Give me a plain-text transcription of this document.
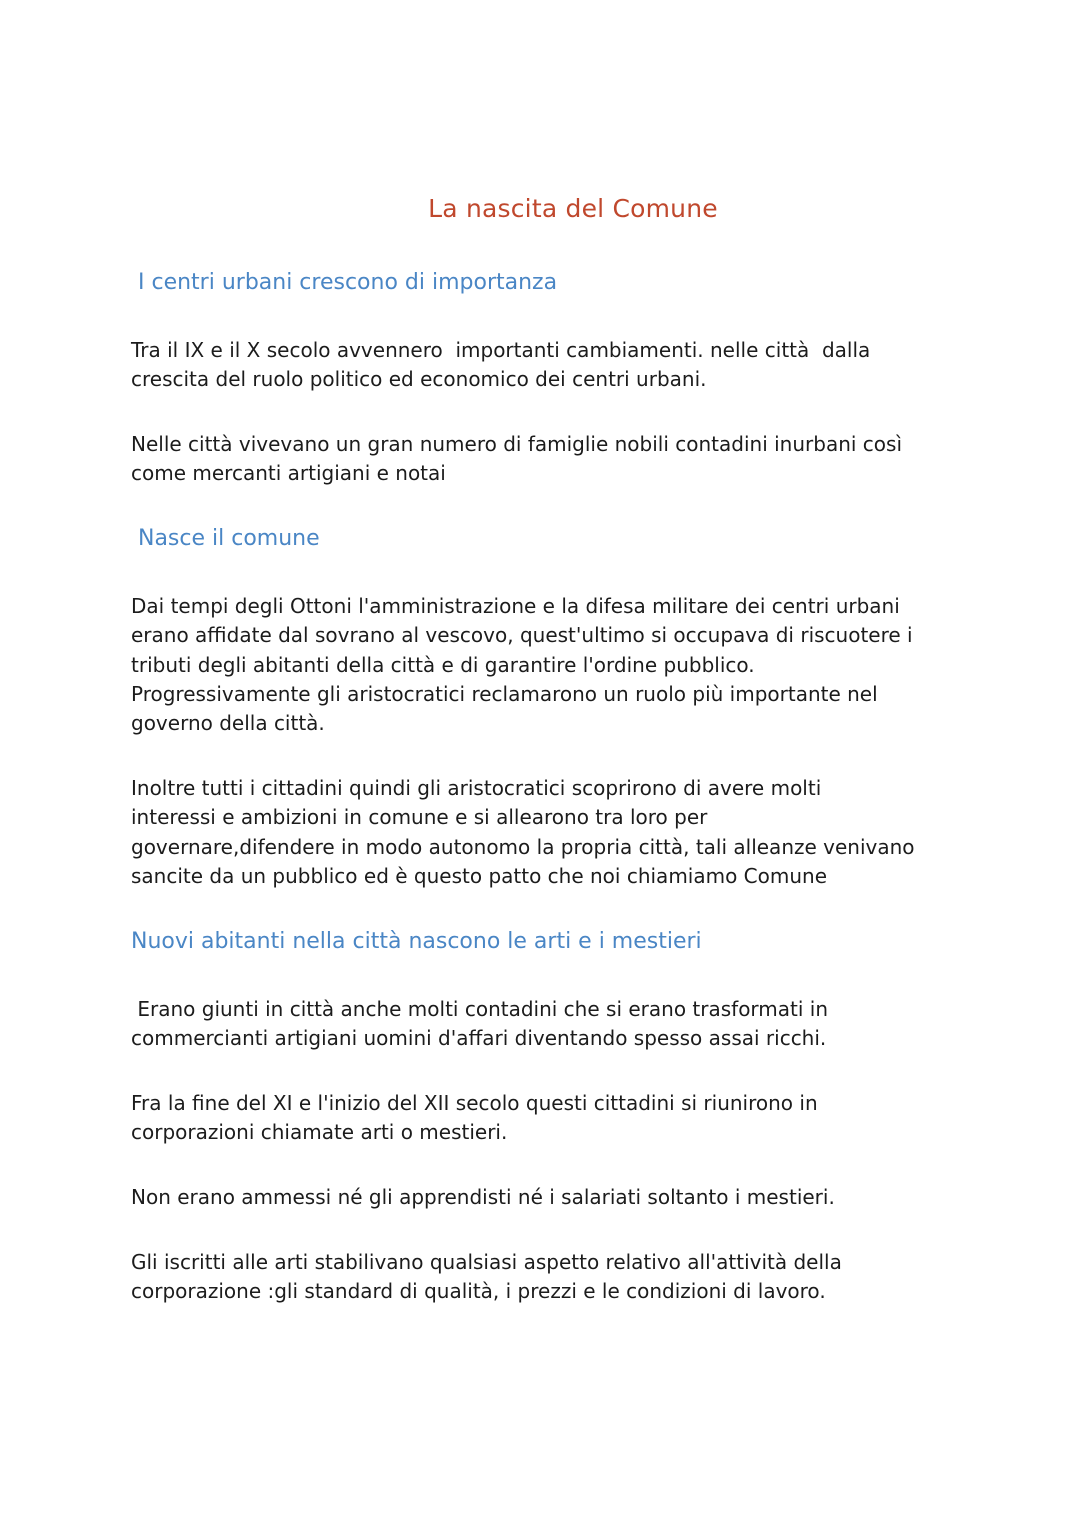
La nascita del Comune
I centri urbani crescono di importanza
Tra il IX e il X secolo avvennero  importanti cambiamenti. nelle città  dalla
crescita del ruolo politico ed economico dei centri urbani.
Nelle città vivevano un gran numero di famiglie nobili contadini inurbani così
come mercanti artigiani e notai
Nasce il comune
Dai tempi degli Ottoni l'amministrazione e la difesa militare dei centri urbani
erano affidate dal sovrano al vescovo, quest'ultimo si occupava di riscuotere i
tributi degli abitanti della città e di garantire l'ordine pubblico.
Progressivamente gli aristocratici reclamarono un ruolo più importante nel
governo della città.
Inoltre tutti i cittadini quindi gli aristocratici scoprirono di avere molti
interessi e ambizioni in comune e si allearono tra loro per
governare,difendere in modo autonomo la propria città, tali alleanze venivano
sancite da un pubblico ed è questo patto che noi chiamiamo Comune
Nuovi abitanti nella città nascono le arti e i mestieri
Erano giunti in città anche molti contadini che si erano trasformati in
commercianti artigiani uomini d'affari diventando spesso assai ricchi.
Fra la fine del XI e l'inizio del XII secolo questi cittadini si riunirono in
corporazioni chiamate arti o mestieri.
Non erano ammessi né gli apprendisti né i salariati soltanto i mestieri.
Gli iscritti alle arti stabilivano qualsiasi aspetto relativo all'attività della
corporazione :gli standard di qualità, i prezzi e le condizioni di lavoro.
